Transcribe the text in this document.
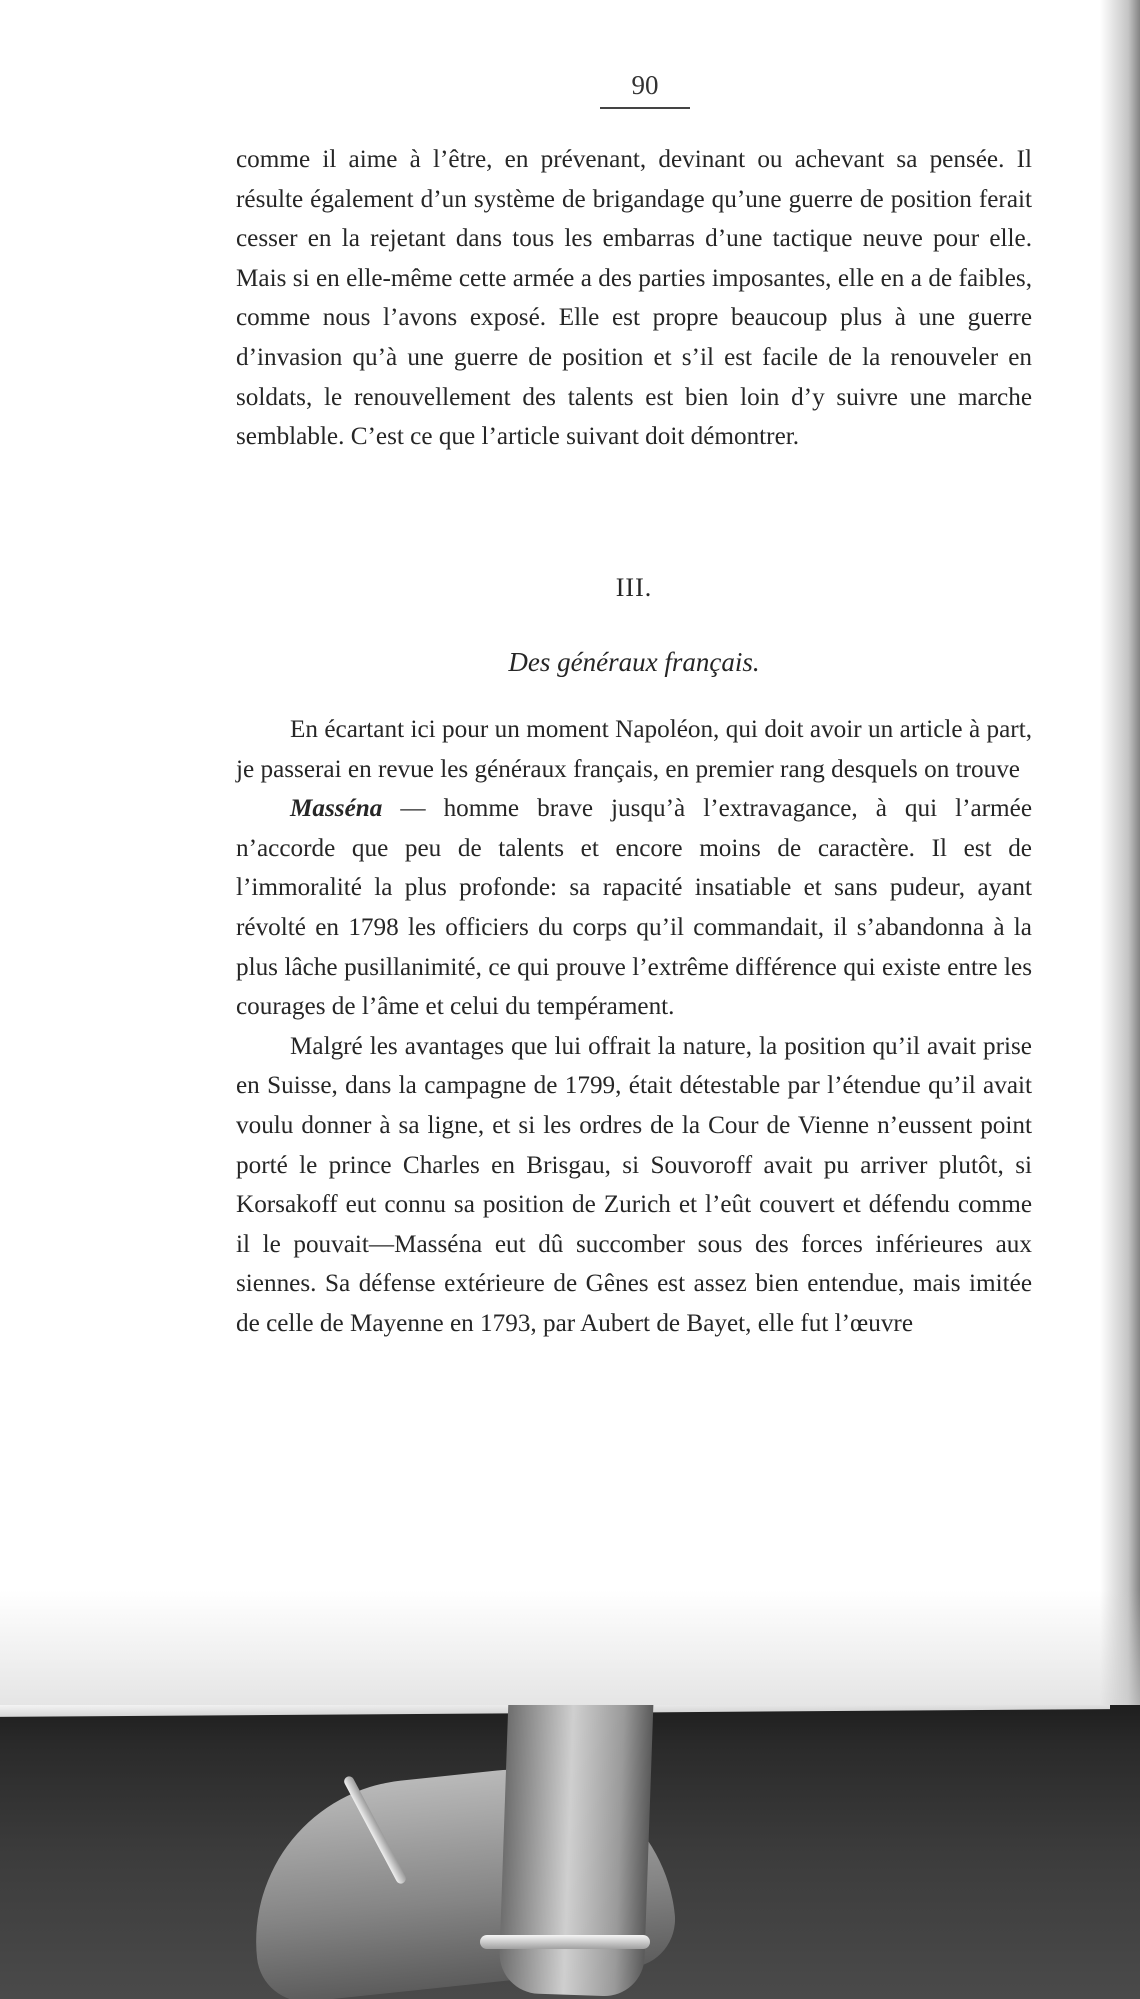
90

comme il aime à l’être, en prévenant, devinant ou achevant sa pensée. Il résulte également d’un système de brigandage qu’une guerre de position ferait cesser en la rejetant dans tous les embarras d’une tactique neuve pour elle. Mais si en elle-même cette armée a des parties imposantes, elle en a de faibles, comme nous l’avons exposé. Elle est propre beaucoup plus à une guerre d’invasion qu’à une guerre de position et s’il est facile de la renouveler en soldats, le renouvellement des talents est bien loin d’y suivre une marche semblable. C’est ce que l’article suivant doit démontrer.

III.
Des généraux français.

En écartant ici pour un moment Napoléon, qui doit avoir un article à part, je passerai en revue les généraux français, en premier rang desquels on trouve

Masséna — homme brave jusqu’à l’extravagance, à qui l’armée n’accorde que peu de talents et encore moins de caractère. Il est de l’immoralité la plus profonde: sa rapacité insatiable et sans pudeur, ayant révolté en 1798 les officiers du corps qu’il commandait, il s’abandonna à la plus lâche pusillanimité, ce qui prouve l’extrême différence qui existe entre les courages de l’âme et celui du tempérament.

Malgré les avantages que lui offrait la nature, la position qu’il avait prise en Suisse, dans la campagne de 1799, était détestable par l’étendue qu’il avait voulu donner à sa ligne, et si les ordres de la Cour de Vienne n’eussent point porté le prince Charles en Brisgau, si Souvoroff avait pu arriver plutôt, si Korsakoff eut connu sa position de Zurich et l’eût couvert et défendu comme il le pouvait—Masséna eut dû succomber sous des forces inférieures aux siennes. Sa défense extérieure de Gênes est assez bien entendue, mais imitée de celle de Mayenne en 1793, par Aubert de Bayet, elle fut l’œuvre
